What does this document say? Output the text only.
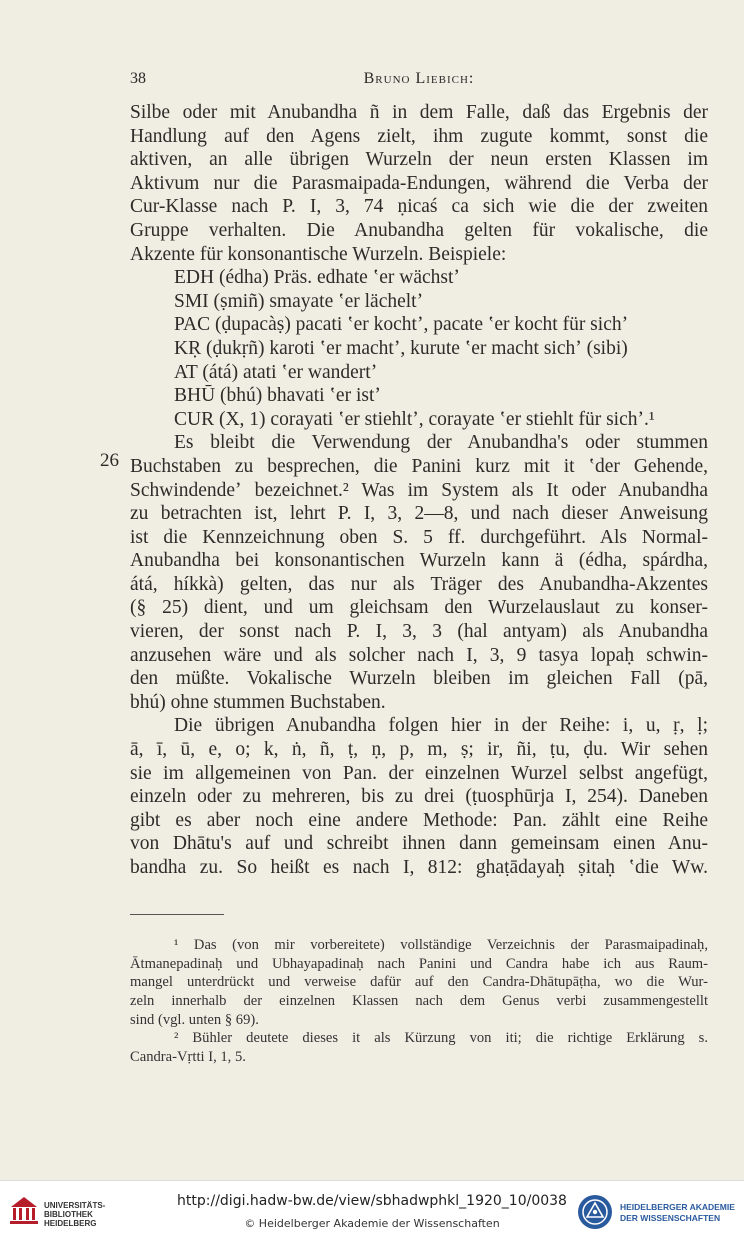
38	Bruno Liebich:
26
Silbe oder mit Anubandha ñ in dem Falle, daß das Ergebnis der
Handlung auf den Agens zielt, ihm zugute kommt, sonst die
aktiven, an alle übrigen Wurzeln der neun ersten Klassen im
Aktivum nur die Parasmaipada-Endungen, während die Verba der
Cur-Klasse nach P. I, 3, 74 ṇicaś ca sich wie die der zweiten
Gruppe verhalten. Die Anubandha gelten für vokalische, die
Akzente für konsonantische Wurzeln. Beispiele:
EDH (édha) Präs. edhate ʽer wächstʼ
SMI (ṣmiñ) smayate ʽer lächeltʼ
PAC (ḍupacàṣ) pacati ʽer kochtʼ, pacate ʽer kocht für sichʼ
KṚ (ḍukṛñ) karoti ʽer machtʼ, kurute ʽer macht sichʼ (sibi)
AT (átá) atati ʽer wandertʼ
BHŪ (bhú) bhavati ʽer istʼ
CUR (X, 1) corayati ʽer stiehltʼ, corayate ʽer stiehlt für sichʼ.¹
Es bleibt die Verwendung der Anubandha's oder stummen
Buchstaben zu besprechen, die Panini kurz mit it ʽder Gehende,
Schwindendeʼ bezeichnet.² Was im System als It oder Anubandha
zu betrachten ist, lehrt P. I, 3, 2—8, und nach dieser Anweisung
ist die Kennzeichnung oben S. 5 ff. durchgeführt. Als Normal-
Anubandha bei konsonantischen Wurzeln kann ä (édha, spárdha,
átá, híkkà) gelten, das nur als Träger des Anubandha-Akzentes
(§ 25) dient, und um gleichsam den Wurzelauslaut zu konser-
vieren, der sonst nach P. I, 3, 3 (hal antyam) als Anubandha
anzusehen wäre und als solcher nach I, 3, 9 tasya lopaḥ schwin-
den müßte. Vokalische Wurzeln bleiben im gleichen Fall (pā,
bhú) ohne stummen Buchstaben.
Die übrigen Anubandha folgen hier in der Reihe: i, u, ṛ, ḷ;
ā, ī, ū, e, o; k, ṅ, ñ, ṭ, ṇ, p, m, ṣ; ir, ñi, ṭu, ḍu. Wir sehen
sie im allgemeinen von Pan. der einzelnen Wurzel selbst angefügt,
einzeln oder zu mehreren, bis zu drei (ṭuosphūrja I, 254). Daneben
gibt es aber noch eine andere Methode: Pan. zählt eine Reihe
von Dhātu's auf und schreibt ihnen dann gemeinsam einen Anu-
bandha zu. So heißt es nach I, 812: ghaṭādayaḥ ṣitaḥ ʽdie Ww.
¹ Das (von mir vorbereitete) vollständige Verzeichnis der Parasmaipadinaḥ,
Ātmanepadinaḥ und Ubhayapadinaḥ nach Panini und Candra habe ich aus Raum-
mangel unterdrückt und verweise dafür auf den Candra-Dhātupāṭha, wo die Wur-
zeln innerhalb der einzelnen Klassen nach dem Genus verbi zusammengestellt
sind (vgl. unten § 69).
² Bühler deutete dieses it als Kürzung von iti; die richtige Erklärung s.
Candra-Vṛtti I, 1, 5.
UNIVERSITÄTS-
BIBLIOTHEK
HEIDELBERG
http://digi.hadw-bw.de/view/sbhadwphkl_1920_10/0038
© Heidelberger Akademie der Wissenschaften
HEIDELBERGER AKADEMIE
DER WISSENSCHAFTEN
